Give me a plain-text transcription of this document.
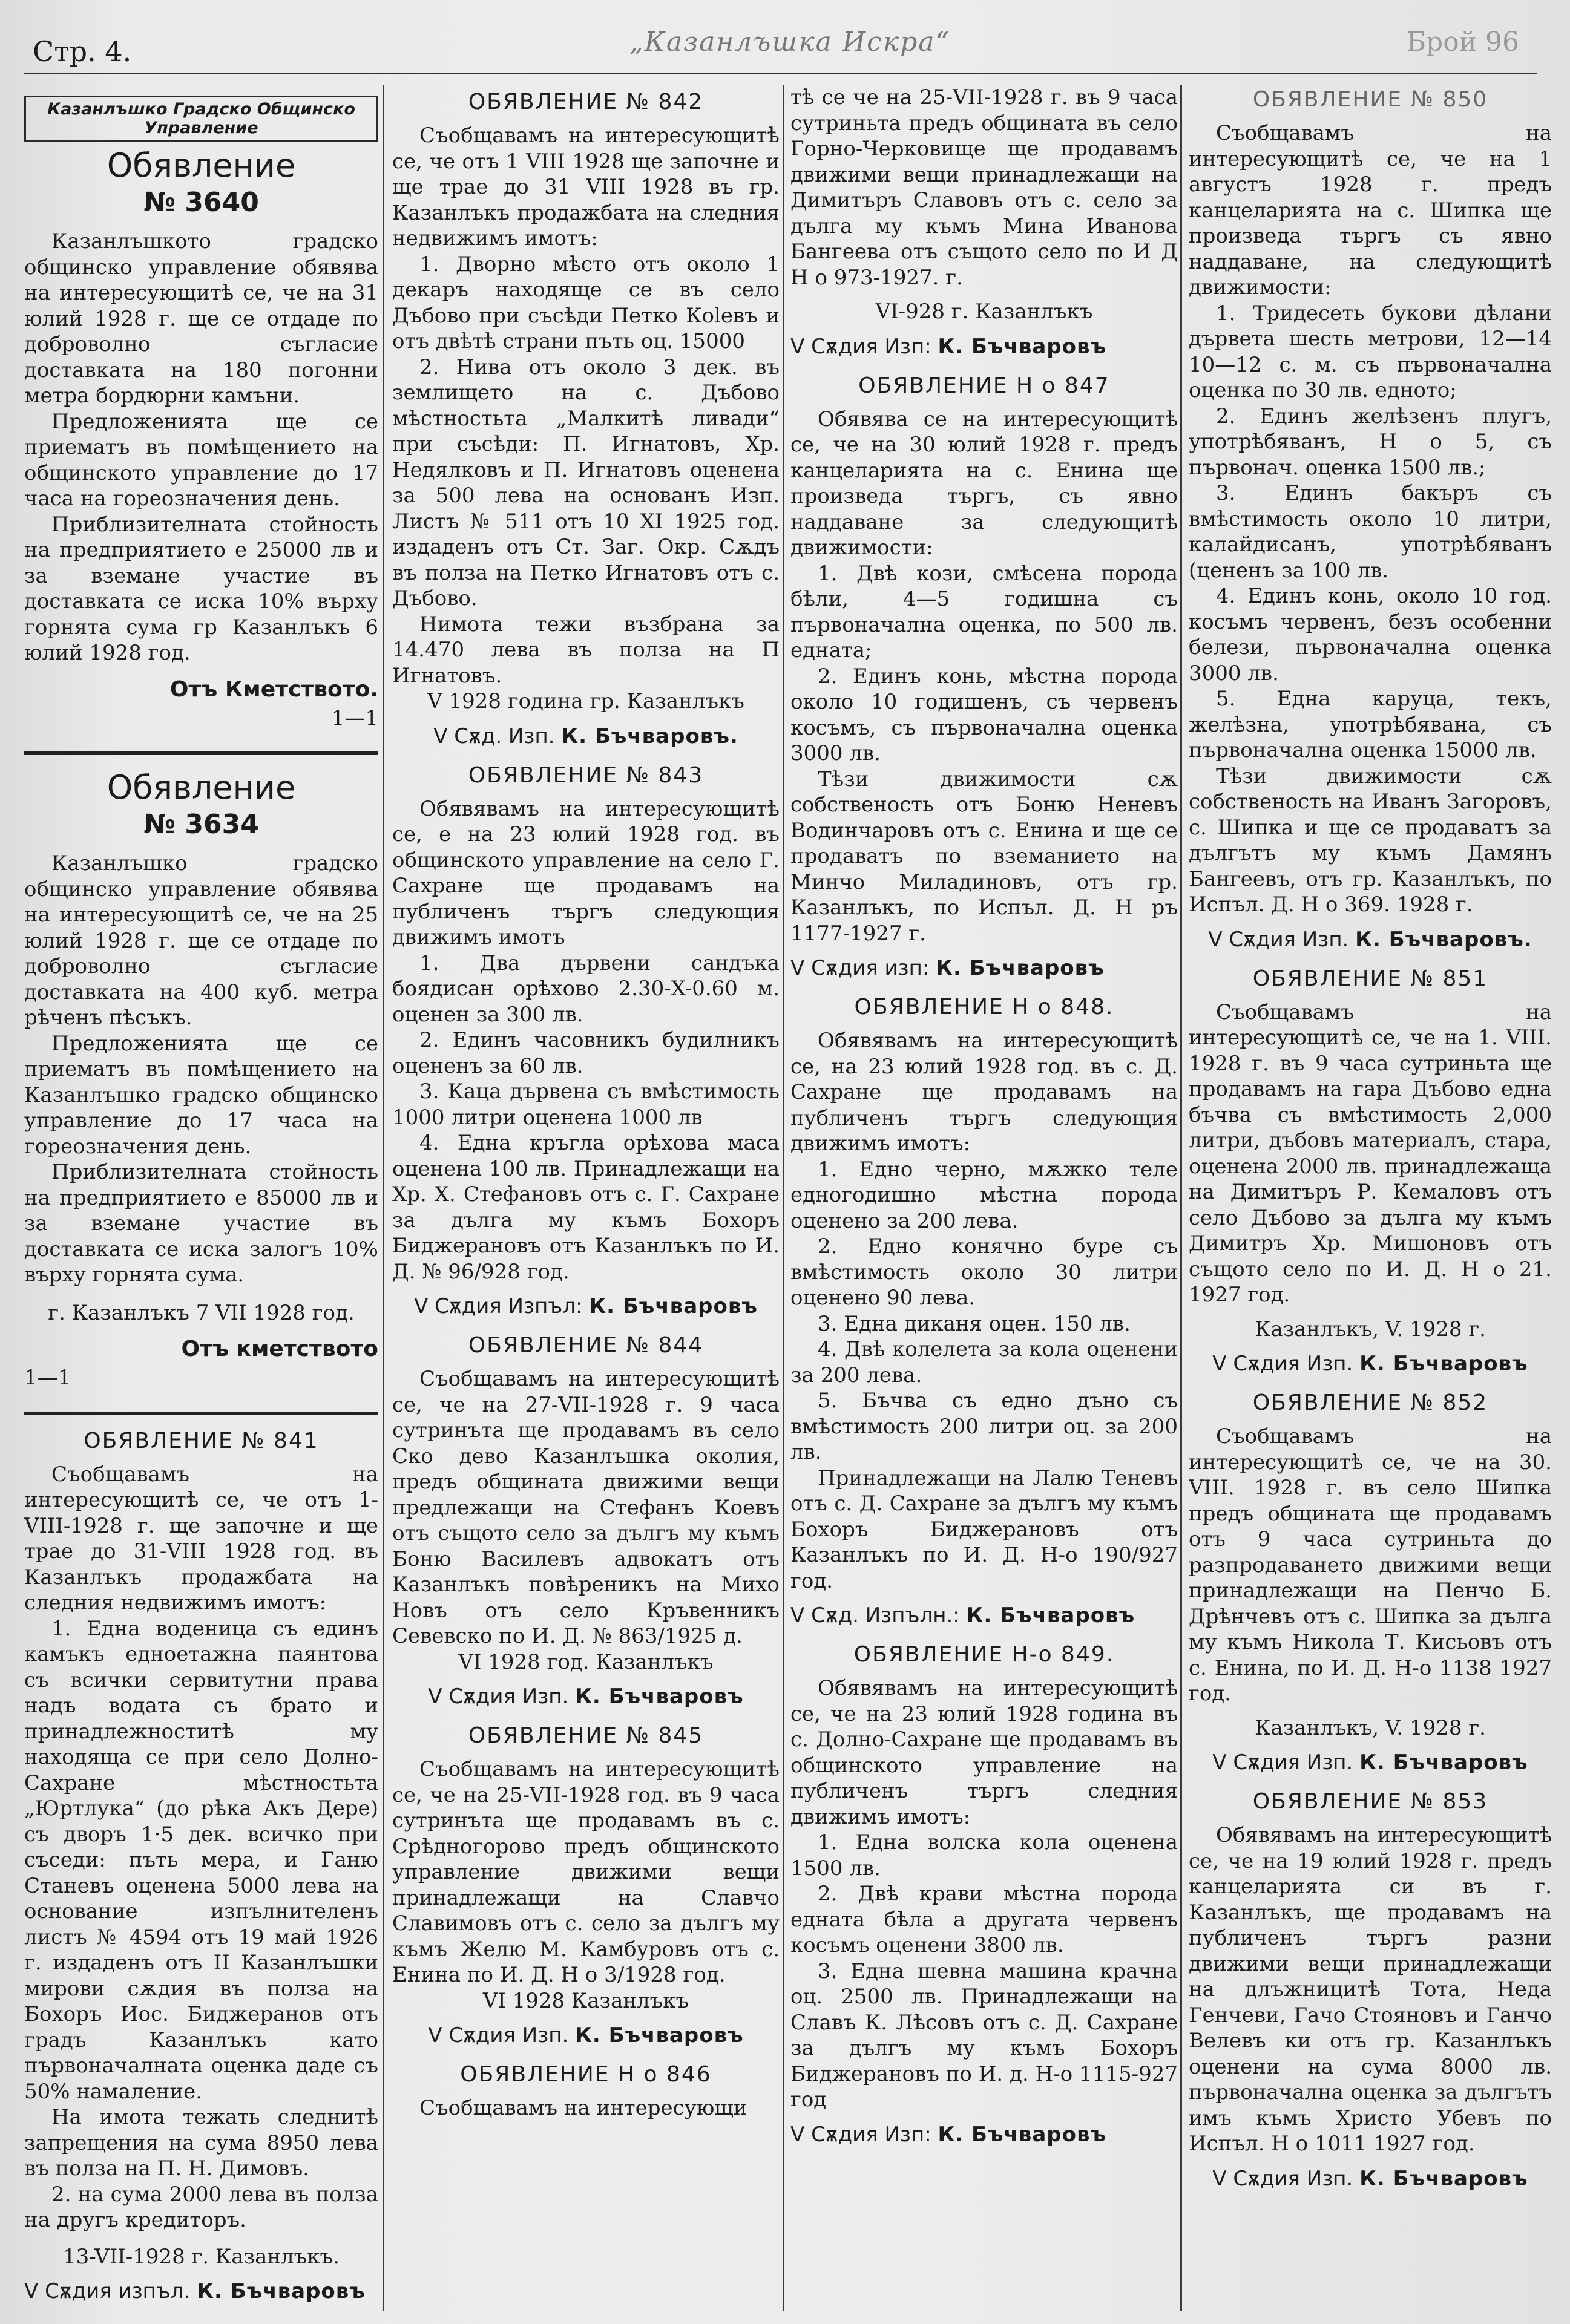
Стр. 4.	„Казанлъшка Искра“	Брой 96
Казанлъшко Градско Общинско Управление
Обявление
№ 3640

Казанлъшкото градско общинско управление обявява на интересующитѣ се, че на 31 юлий 1928 г. ще се отдаде по доброволно съгласие доставката на 180 погонни метра бордюрни камъни.

Предложенията ще се приематъ въ помѣщението на общинското управление до 17 часа на гореозначения день.

Приблизителната стойность на предприятието е 25000 лв и за вземане участие въ доставката се иска 10% върху горнята сума гр Казанлъкъ 6 юлий 1928 год.

Отъ Кметството.

1—1

Обявление
№ 3634

Казанлъшко градско общинско управление обявява на интересующитѣ се, че на 25 юлий 1928 г. ще се отдаде по доброволно съгласие доставката на 400 куб. метра рѣченъ пѣсъкъ.

Предложенията ще се приематъ въ помѣщението на Казанлъшко градско общинско управление до 17 часа на гореозначения день.

Приблизителната стойность на предприятието е 85000 лв и за вземане участие въ доставката се иска залогъ 10% върху горнята сума.

г. Казанлъкъ 7 VII 1928 год.

Отъ кметството

1—1

ОБЯВЛЕНИЕ № 841

Съобщавамъ на интересующитѣ се, че отъ 1-VIII-1928 г. ще започне и ще трае до 31-VIII 1928 год. въ Казанлъкъ продажбата на следния недвижимъ имотъ:

1. Една воденица съ единъ камъкъ едноетажна паянтова съ всички сервитутни права надъ водата съ брато и принадлежноститѣ му находяща се при село Долно-Сахране мѣстностьта „Юртлука“ (до рѣка Акъ Дере) съ дворъ 1·5 дек. всичко при съседи: пъть мера, и Ганю Станевъ оценена 5000 лева на основание изпълнителенъ листъ № 4594 отъ 19 май 1926 г. издаденъ отъ II Казанлъшки мирови сѫдия въ полза на Бохоръ Иос. Биджеранов отъ градъ Казанлъкъ като първоначалната оценка даде съ 50% намаление.

На имота тежать следнитѣ запрещения на сума 8950 лева въ полза на П. Н. Димовъ.

2. на сума 2000 лева въ полза на другъ кредиторъ.

13-VII-1928 г. Казанлъкъ.

V Сѫдия изпъл. К. Бъчваровъ

ОБЯВЛЕНИЕ № 842

Съобщавамъ на интересующитѣ се, че отъ 1 VIII 1928 ще започне и ще трае до 31 VIII 1928 въ гр. Казанлъкъ продажбата на следния недвижимъ имотъ:

1. Дворно мѣсто отъ около 1 декаръ находяще се въ село Дъбово при съсѣди Петко Коlевъ и отъ двѣтѣ страни пъть оц. 15000

2. Нива отъ около 3 дек. въ землището на с. Дъбово мѣстностьта „Малкитѣ ливади“ при съсѣди: П. Игнатовъ, Хр. Недялковъ и П. Игнатовъ оценена за 500 лева на основанъ Изп. Листъ № 511 отъ 10 XI 1925 год. издаденъ отъ Ст. Заг. Окр. Сѫдъ въ полза на Петко Игнатовъ отъ с. Дъбово.

Нимота тежи възбрана за 14.470 лева въ полза на П Игнатовъ.

V 1928 година гр. Казанлъкъ

V Сѫд. Изп. К. Бъчваровъ.

ОБЯВЛЕНИЕ № 843

Обявявамъ на интересующитѣ се, е на 23 юлий 1928 год. въ общинското управление на село Г. Сахране ще продавамъ на публиченъ търгъ следующия движимъ имотъ

1. Два дървени сандъка боядисан орѣхово 2.30-X-0.60 м. оценен за 300 лв.

2. Единъ часовникъ будилникъ оцененъ за 60 лв.

3. Каца дървена съ вмѣстимость 1000 литри оценена 1000 лв

4. Една кръгла орѣхова маса оценена 100 лв. Принадлежащи на Хр. Х. Стефановъ отъ с. Г. Сахране за дълга му къмъ Бохоръ Биджерановъ отъ Казанлъкъ по И. Д. № 96/928 год.

V Сѫдия Изпъл: К. Бъчваровъ

ОБЯВЛЕНИЕ № 844

Съобщавамъ на интересующитѣ се, че на 27-VII-1928 г. 9 часа сутринъта ще продавамъ въ село Ско дево Казанлъшка околия, предъ общината движими вещи предлежащи на Стефанъ Коевъ отъ същото село за дългъ му къмъ Боню Василевъ адвокатъ отъ Казанлъкъ повѣреникъ на Михо Новъ отъ село Кръвенникъ Севевско по И. Д. № 863/1925 д.

VI 1928 год. Казанлъкъ

V Сѫдия Изп. К. Бъчваровъ

ОБЯВЛЕНИЕ № 845

Съобщавамъ на интересующитѣ се, че на 25-VII-1928 год. въ 9 часа сутринъта ще продавамъ въ с. Срѣдногорово предъ общинското управление движими вещи принадлежащи на Славчо Славимовъ отъ с. село за дългъ му къмъ Желю М. Камбуровъ отъ с. Енина по И. Д. Н о 3/1928 год.

VI 1928 Казанлъкъ

V Сѫдия Изп. К. Бъчваровъ

ОБЯВЛЕНИЕ Н о 846

Съобщавамъ на интересующи

тѣ се че на 25-VII-1928 г. въ 9 часа сутриньта предъ общината въ село Горно-Черковище ще продавамъ движими вещи принадлежащи на Димитъръ Славовъ отъ с. село за дълга му къмъ Мина Иванова Бангеева отъ същото село по И Д Н о 973-1927. г.

VI-928 г. Казанлъкъ

V Сѫдия Изп: К. Бъчваровъ

ОБЯВЛЕНИЕ Н о 847

Обявява се на интересующитѣ се, че на 30 юлий 1928 г. предъ канцеларията на с. Енина ще произведа търгъ, съ явно наддаване за следующитѣ движимости:

1. Двѣ кози, смѣсена порода бѣли, 4—5 годишна съ първоначална оценка, по 500 лв. едната;

2. Единъ конь, мѣстна порода около 10 годишенъ, съ червенъ косъмъ, съ първоначална оценка 3000 лв.

Тѣзи движимости сѫ собственость отъ Боню Неневъ Водинчаровъ отъ с. Енина и ще се продаватъ по вземанието на Минчо Миладиновъ, отъ гр. Казанлъкъ, по Испъл. Д. Н ръ 1177-1927 г.

V Сѫдия изп: К. Бъчваровъ

ОБЯВЛЕНИЕ Н о 848.

Обявявамъ на интересующитѣ се, на 23 юлий 1928 год. въ с. Д. Сахране ще продавамъ на публиченъ търгъ следующия движимъ имотъ:

1. Едно черно, мѫжко теле едногодишно мѣстна порода оценено за 200 лева.

2. Едно конячно буре съ вмѣстимость около 30 литри оценено 90 лева.

3. Една диканя оцен. 150 лв.

4. Двѣ колелета за кола оценени за 200 лева.

5. Бъчва съ едно дъно съ вмѣстимость 200 литри оц. за 200 лв.

Принадлежащи на Лалю Теневъ отъ с. Д. Сахране за дългъ му къмъ Бохоръ Биджерановъ отъ Казанлъкъ по И. Д. Н-о 190/927 год.

V Сѫд. Изпълн.: К. Бъчваровъ

ОБЯВЛЕНИЕ Н-о 849.

Обявявамъ на интересующитѣ се, че на 23 юлий 1928 година въ с. Долно-Сахране ще продавамъ въ общинското управление на публиченъ търгъ следния движимъ имотъ:

1. Една волска кола оценена 1500 лв.

2. Двѣ крави мѣстна порода едната бѣла а другата червенъ косъмъ оценени 3800 лв.

3. Една шевна машина крачна оц. 2500 лв. Принадлежащи на Славъ К. Лѣсовъ отъ с. Д. Сахране за дългъ му къмъ Бохоръ Биджерановъ по И. д. Н-о 1115-927 год

V Сѫдия Изп: К. Бъчваровъ

ОБЯВЛЕНИЕ № 850

Съобщавамъ на интересующитѣ се, че на 1 августъ 1928 г. предъ канцеларията на с. Шипка ще произведа търгъ съ явно наддаване, на следующитѣ движимости:

1. Тридесеть букови дѣлани дървета шесть метрови, 12—14 10—12 с. м. съ първоначална оценка по 30 лв. едното;

2. Единъ желѣзенъ плугъ, употрѣбяванъ, Н о 5, съ първонач. оценка 1500 лв.;

3. Единъ бакъръ съ вмѣстимость около 10 литри, калайдисанъ, употрѣбяванъ (цененъ за 100 лв.

4. Единъ конь, около 10 год. косъмъ червенъ, безъ особенни белези, първоначална оценка 3000 лв.

5. Една каруца, текъ, желѣзна, употрѣбявана, съ първоначална оценка 15000 лв.

Тѣзи движимости сѫ собственость на Иванъ Загоровъ, с. Шипка и ще се продаватъ за дългътъ му къмъ Дамянъ Бангеевъ, отъ гр. Казанлъкъ, по Испъл. Д. Н о 369. 1928 г.

V Сѫдия Изп. К. Бъчваровъ.

ОБЯВЛЕНИЕ № 851

Съобщавамъ на интересующитѣ се, че на 1. VIII. 1928 г. въ 9 часа сутриньта ще продавамъ на гара Дъбово една бъчва съ вмѣстимость 2,000 литри, дъбовъ материалъ, стара, оценена 2000 лв. принадлежаща на Димитъръ Р. Кемаловъ отъ село Дъбово за дълга му къмъ Димитръ Хр. Мишоновъ отъ същото село по И. Д. Н о 21. 1927 год.

Казанлъкъ, V. 1928 г.

V Сѫдия Изп. К. Бъчваровъ

ОБЯВЛЕНИЕ № 852

Съобщавамъ на интересующитѣ се, че на 30. VIII. 1928 г. въ село Шипка предъ общината ще продавамъ отъ 9 часа сутриньта до разпродаването движими вещи принадлежащи на Пенчо Б. Дрѣнчевъ отъ с. Шипка за дълга му къмъ Никола Т. Кисьовъ отъ с. Енина, по И. Д. Н-о 1138 1927 год.

Казанлъкъ, V. 1928 г.

V Сѫдия Изп. К. Бъчваровъ

ОБЯВЛЕНИЕ № 853

Обявявамъ на интересующитѣ се, че на 19 юлий 1928 г. предъ канцеларията си въ г. Казанлъкъ, ще продавамъ на публиченъ търгъ разни движими вещи принадлежащи на длъжницитѣ Тота, Неда Генчеви, Гачо Стояновъ и Ганчо Велевъ ки отъ гр. Казанлъкъ оценени на сума 8000 лв. първоначална оценка за дългътъ имъ къмъ Христо Убевъ по Испъл. Н о 1011 1927 год.

V Сѫдия Изп. К. Бъчваровъ
